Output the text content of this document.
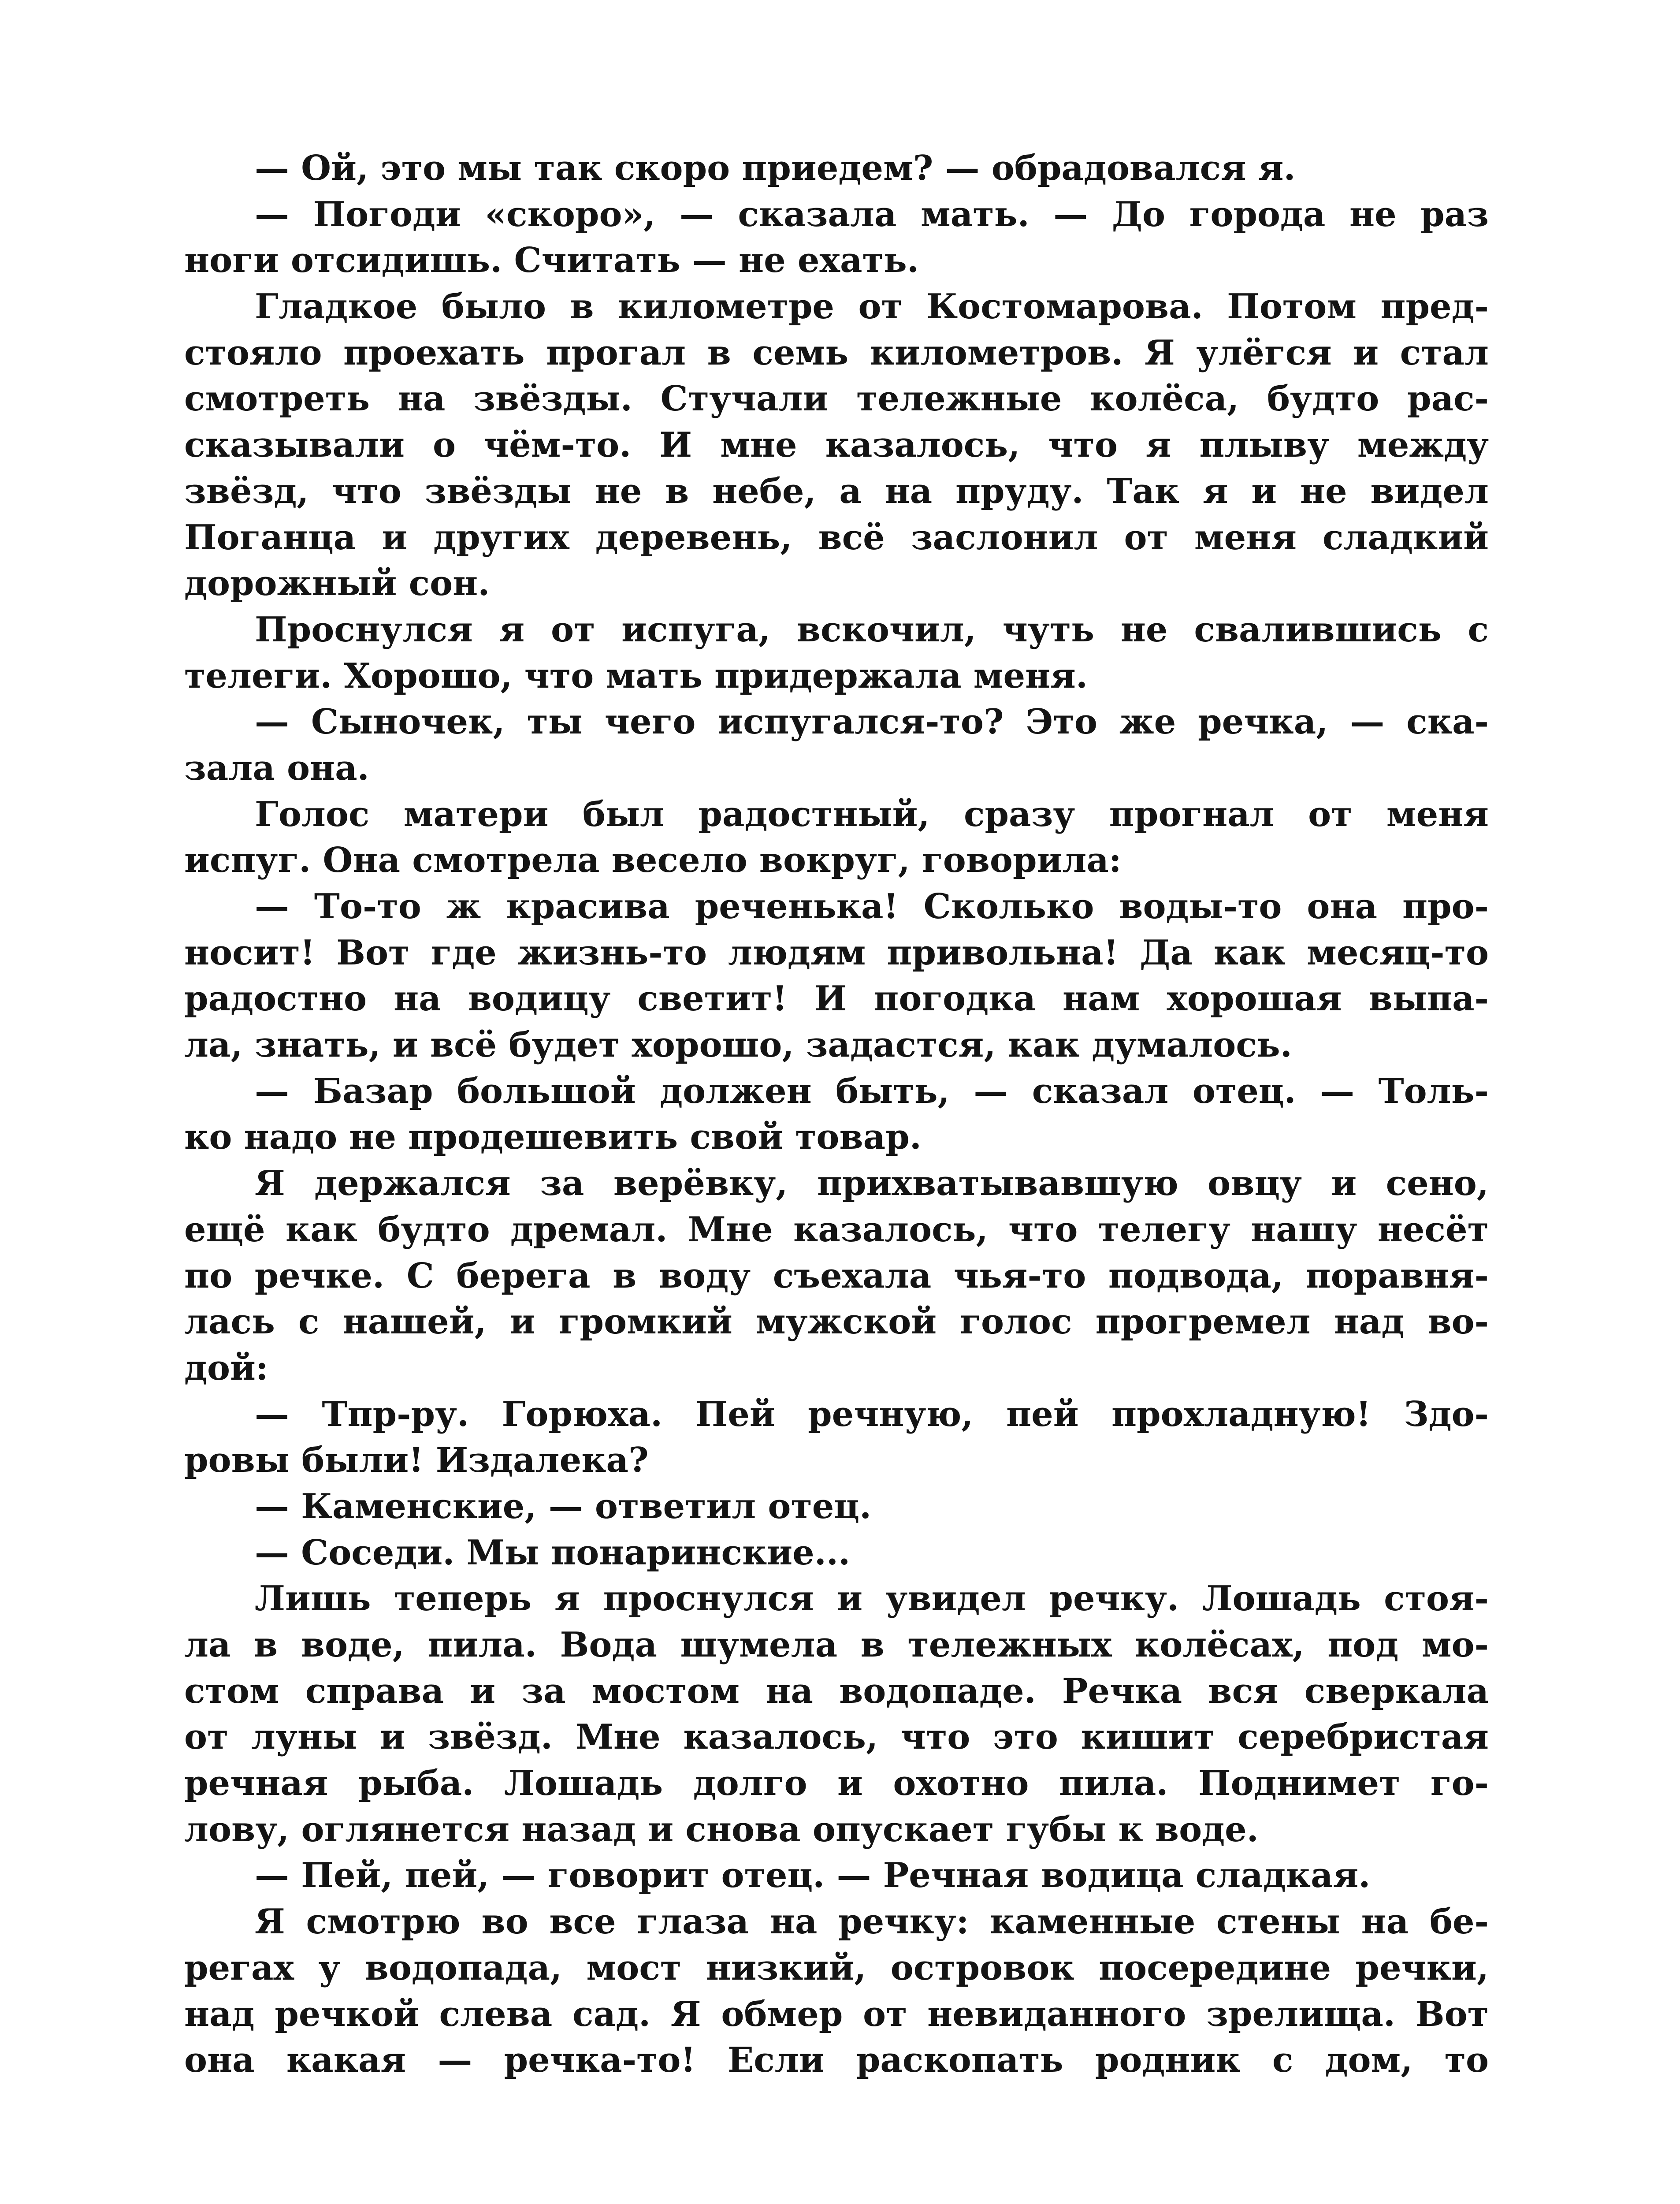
— Ой, это мы так скоро приедем? — обрадовался я.
— Погоди «скоро», — сказала мать. — До города не раз
ноги отсидишь. Считать — не ехать.
Гладкое было в километре от Костомарова. Потом пред-
стояло проехать прогал в семь километров. Я улёгся и стал
смотреть на звёзды. Стучали тележные колёса, будто рас-
сказывали о чём-то. И мне казалось, что я плыву между
звёзд, что звёзды не в небе, а на пруду. Так я и не видел
Поганца и других деревень, всё заслонил от меня сладкий
дорожный сон.
Проснулся я от испуга, вскочил, чуть не свалившись с
телеги. Хорошо, что мать придержала меня.
— Сыночек, ты чего испугался-то? Это же речка, — ска-
зала она.
Голос матери был радостный, сразу прогнал от меня
испуг. Она смотрела весело вокруг, говорила:
— То-то ж красива реченька! Сколько воды-то она про-
носит! Вот где жизнь-то людям привольна! Да как месяц-то
радостно на водицу светит! И погодка нам хорошая выпа-
ла, знать, и всё будет хорошо, задастся, как думалось.
— Базар большой должен быть, — сказал отец. — Толь-
ко надо не продешевить свой товар.
Я держался за верёвку, прихватывавшую овцу и сено,
ещё как будто дремал. Мне казалось, что телегу нашу несёт
по речке. С берега в воду съехала чья-то подвода, поравня-
лась с нашей, и громкий мужской голос прогремел над во-
дой:
— Тпр-ру. Горюха. Пей речную, пей прохладную! Здо-
ровы были! Издалека?
— Каменские, — ответил отец.
— Соседи. Мы понаринские...
Лишь теперь я проснулся и увидел речку. Лошадь стоя-
ла в воде, пила. Вода шумела в тележных колёсах, под мо-
стом справа и за мостом на водопаде. Речка вся сверкала
от луны и звёзд. Мне казалось, что это кишит серебристая
речная рыба. Лошадь долго и охотно пила. Поднимет го-
лову, оглянется назад и снова опускает губы к воде.
— Пей, пей, — говорит отец. — Речная водица сладкая.
Я смотрю во все глаза на речку: каменные стены на бе-
регах у водопада, мост низкий, островок посередине речки,
над речкой слева сад. Я обмер от невиданного зрелища. Вот
она какая — речка-то! Если раскопать родник с дом, то
